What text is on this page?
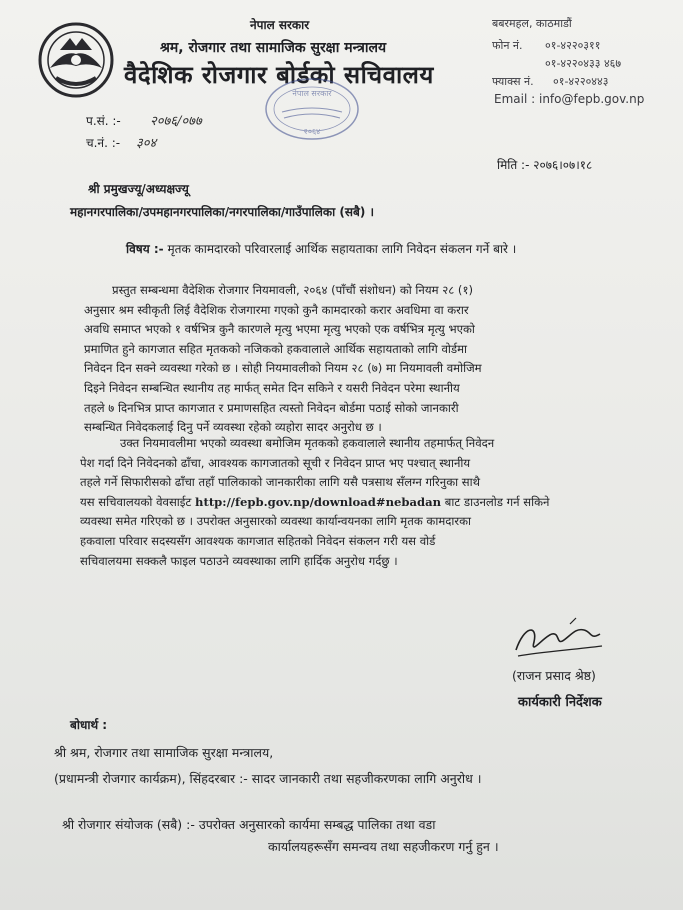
नेपाल सरकार
श्रम, रोजगार तथा सामाजिक सुरक्षा मन्त्रालय
वैदेशिक रोजगार बोर्डको सचिवालय
बबरमहल, काठमाडौं
फोन नं. ०१-४२२०३११
०१-४२२०४३३ ४६७
फ्याक्स नं. ०१-४२२०४४३
Email : info@fepb.gov.np
नेपाल सरकार
२०६४
प.सं. :- २०७६/०७७
च.नं. :- ३०४
मिति :- २०७६।०७।१८
श्री प्रमुखज्यू/अध्यक्षज्यू
महानगरपालिका/उपमहानगरपालिका/नगरपालिका/गाउँपालिका (सबै) ।
विषय :- मृतक कामदारको परिवारलाई आर्थिक सहायताका लागि निवेदन संकलन गर्ने बारे ।
प्रस्तुत सम्बन्धमा वैदेशिक रोजगार नियमावली, २०६४ (पाँचौं संशोधन) को नियम २८ (१)
अनुसार श्रम स्वीकृती लिई वैदेशिक रोजगारमा गएको कुनै कामदारको करार अवधिमा वा करार
अवधि समाप्त भएको १ वर्षभित्र कुनै कारणले मृत्यु भएमा मृत्यु भएको एक वर्षभित्र मृत्यु भएको
प्रमाणित हुने कागजात सहित मृतकको नजिकको हकवालाले आर्थिक सहायताको लागि वोर्डमा
निवेदन दिन सक्ने व्यवस्था गरेको छ । सोही नियमावलीको नियम २८ (७) मा नियमावली वमोजिम
दिइने निवेदन सम्बन्धित स्थानीय तह मार्फत् समेत दिन सकिने र यसरी निवेदन परेमा स्थानीय
तहले ७ दिनभित्र प्राप्त कागजात र प्रमाणसहित त्यस्तो निवेदन बोर्डमा पठाई सोको जानकारी
सम्बन्धित निवेदकलाई दिनु पर्ने व्यवस्था रहेको व्यहोरा सादर अनुरोध छ ।
उक्त नियमावलीमा भएको व्यवस्था बमोजिम मृतकको हकवालाले स्थानीय तहमार्फत् निवेदन
पेश गर्दा दिने निवेदनको ढाँचा, आवश्यक कागजातको सूची र निवेदन प्राप्त भए पश्चात् स्थानीय
तहले गर्ने सिफारीसको ढाँचा तहाँ पालिकाको जानकारीका लागि यसै पत्रसाथ सँलग्न गरिनुका साथै
यस सचिवालयको वेवसाईट http://fepb.gov.np/download#nebadan बाट डाउनलोड गर्न सकिने
व्यवस्था समेत गरिएको छ । उपरोक्त अनुसारको व्यवस्था कार्यान्वयनका लागि मृतक कामदारका
हकवाला परिवार सदस्यसँग आवश्यक कागजात सहितको निवेदन संकलन गरी यस वोर्ड
सचिवालयमा सक्कलै फाइल पठाउने व्यवस्थाका लागि हार्दिक अनुरोध गर्दछु ।
(राजन प्रसाद श्रेष्ठ)
कार्यकारी निर्देशक
बोधार्थ :
श्री श्रम, रोजगार तथा सामाजिक सुरक्षा मन्त्रालय,
(प्रधामन्त्री रोजगार कार्यक्रम), सिंहदरबार :- सादर जानकारी तथा सहजीकरणका लागि अनुरोध ।
श्री रोजगार संयोजक (सबै) :- उपरोक्त अनुसारको कार्यमा सम्बद्ध पालिका तथा वडा
कार्यालयहरूसँग समन्वय तथा सहजीकरण गर्नु हुन ।
